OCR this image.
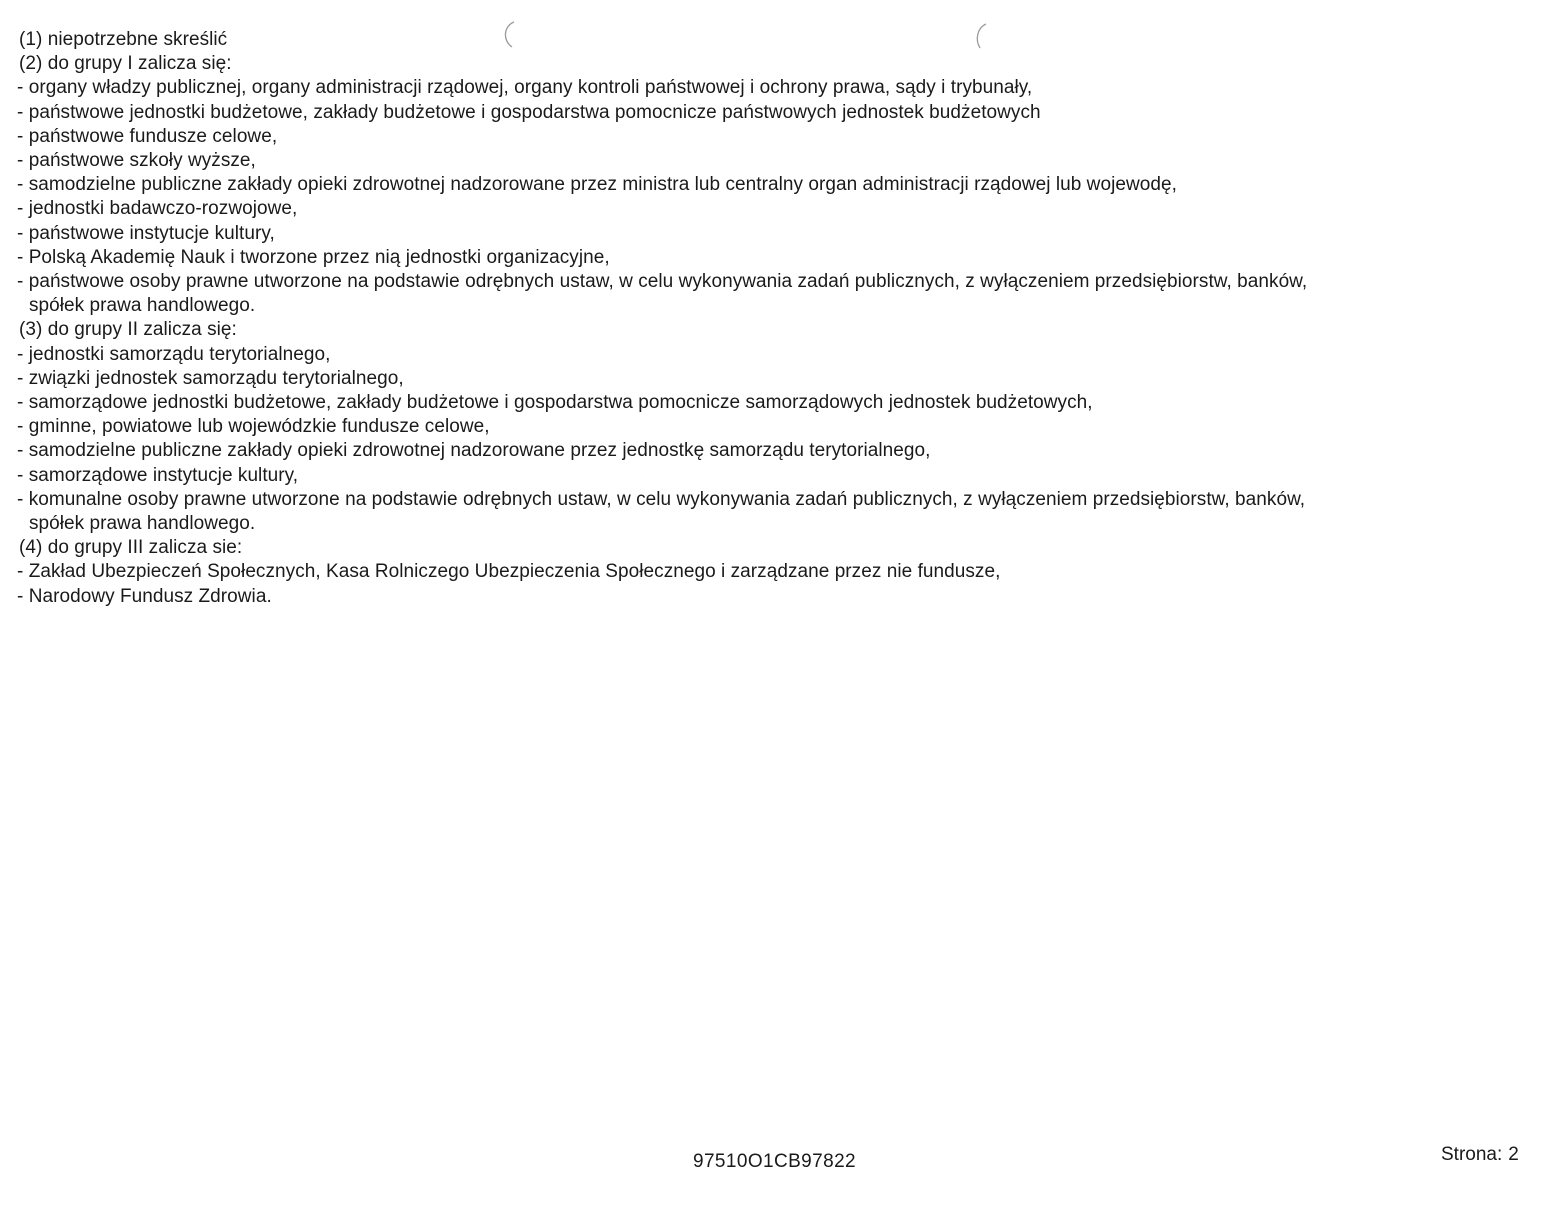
(1) niepotrzebne skreślić
(2) do grupy I zalicza się:
- organy władzy publicznej, organy administracji rządowej, organy kontroli państwowej i ochrony prawa, sądy i trybunały,
- państwowe jednostki budżetowe, zakłady budżetowe i gospodarstwa pomocnicze państwowych jednostek budżetowych
- państwowe fundusze celowe,
- państwowe szkoły wyższe,
- samodzielne publiczne zakłady opieki zdrowotnej nadzorowane przez ministra lub centralny organ administracji rządowej lub wojewodę,
- jednostki badawczo-rozwojowe,
- państwowe instytucje kultury,
- Polską Akademię Nauk i tworzone przez nią jednostki organizacyjne,
- państwowe osoby prawne utworzone na podstawie odrębnych ustaw, w celu wykonywania zadań publicznych, z wyłączeniem przedsiębiorstw, banków,
spółek prawa handlowego.
(3) do grupy II zalicza się:
- jednostki samorządu terytorialnego,
- związki jednostek samorządu terytorialnego,
- samorządowe jednostki budżetowe, zakłady budżetowe i gospodarstwa pomocnicze samorządowych jednostek budżetowych,
- gminne, powiatowe lub wojewódzkie fundusze celowe,
- samodzielne publiczne zakłady opieki zdrowotnej nadzorowane przez jednostkę samorządu terytorialnego,
- samorządowe instytucje kultury,
- komunalne osoby prawne utworzone na podstawie odrębnych ustaw, w celu wykonywania zadań publicznych, z wyłączeniem przedsiębiorstw, banków,
spółek prawa handlowego.
(4) do grupy III zalicza sie:
- Zakład Ubezpieczeń Społecznych, Kasa Rolniczego Ubezpieczenia Społecznego i zarządzane przez nie fundusze,
- Narodowy Fundusz Zdrowia.
97510O1CB97822	Strona: 2
